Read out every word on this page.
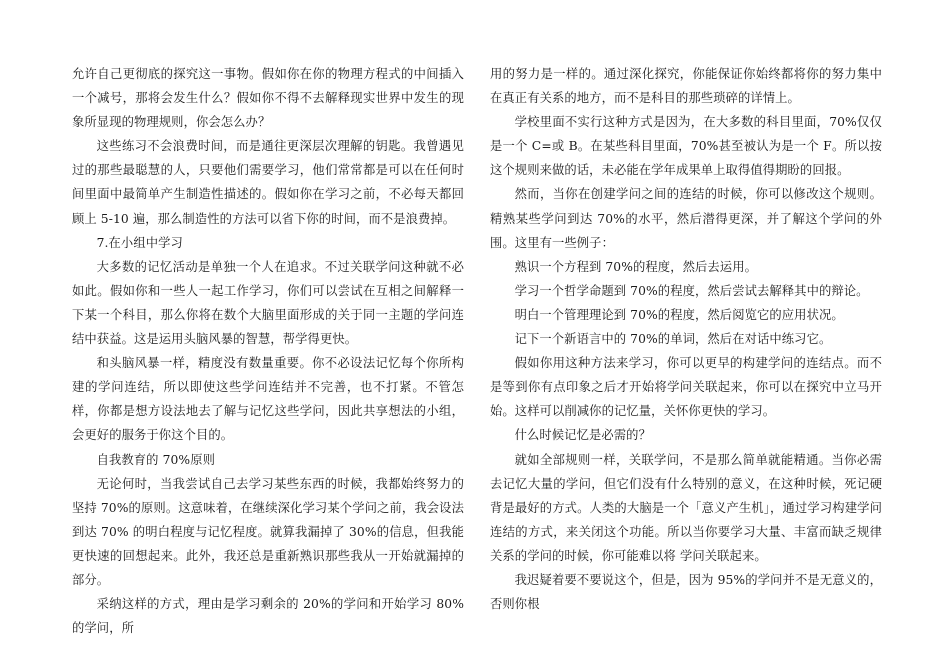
允许自己更彻底的探究这一事物。假如你在你的物理方程式的中间插入一个减号，那将会发生什么？假如你不得不去解释现实世界中发生的现象所显现的物理规则，你会怎么办？

这些练习不会浪费时间，而是通往更深层次理解的钥匙。我曾遇见过的那些最聪慧的人，只要他们需要学习，他们常常都是可以在任何时间里面中最简单产生制造性描述的。假如你在学习之前，不必每天都回顾上 5-10 遍，那么制造性的方法可以省下你的时间，而不是浪费掉。

7.在小组中学习

大多数的记忆活动是单独一个人在追求。不过关联学问这种就不必如此。假如你和一些人一起工作学习，你们可以尝试在互相之间解释一下某一个科目，那么你将在数个大脑里面形成的关于同一主题的学问连结中获益。这是运用头脑风暴的智慧，帮学得更快。

和头脑风暴一样，精度没有数量重要。你不必设法记忆每个你所构建的学问连结，所以即使这些学问连结并不完善，也不打紧。不管怎样，你都是想方设法地去了解与记忆这些学问，因此共享想法的小组，会更好的服务于你这个目的。

自我教育的 70%原则

无论何时，当我尝试自己去学习某些东西的时候，我都始终努力的坚持 70%的原则。这意味着，在继续深化学习某个学问之前，我会设法到达 70% 的明白程度与记忆程度。就算我漏掉了 30%的信息，但我能更快速的回想起来。此外，我还总是重新熟识那些我从一开始就漏掉的部分。

采纳这样的方式，理由是学习剩余的 20%的学问和开始学习 80%的学问，所

用的努力是一样的。通过深化探究，你能保证你始终都将你的努力集中在真正有关系的地方，而不是科目的那些琐碎的详情上。

学校里面不实行这种方式是因为，在大多数的科目里面，70%仅仅是一个 C=或 B。在某些科目里面，70%甚至被认为是一个 F。所以按这个规则来做的话，未必能在学年成果单上取得值得期盼的回报。

然而，当你在创建学问之间的连结的时候，你可以修改这个规则。精熟某些学问到达 70%的水平，然后潜得更深，并了解这个学问的外围。这里有一些例子：

熟识一个方程到 70%的程度，然后去运用。

学习一个哲学命题到 70%的程度，然后尝试去解释其中的辩论。

明白一个管理理论到 70%的程度，然后阅览它的应用状况。

记下一个新语言中的 70%的单词，然后在对话中练习它。

假如你用这种方法来学习，你可以更早的构建学问的连结点。而不是等到你有点印象之后才开始将学问关联起来，你可以在探究中立马开始。这样可以削减你的记忆量，关怀你更快的学习。

什么时候记忆是必需的？

就如全部规则一样，关联学问，不是那么简单就能精通。当你必需去记忆大量的学问，但它们没有什么特别的意义，在这种时候，死记硬背是最好的方式。人类的大脑是一个「意义产生机」，通过学习构建学问连结的方式，来关闭这个功能。所以当你要学习大量、丰富而缺乏规律关系的学问的时候，你可能难以将 学问关联起来。

我迟疑着要不要说这个，但是，因为 95%的学问并不是无意义的，否则你根
